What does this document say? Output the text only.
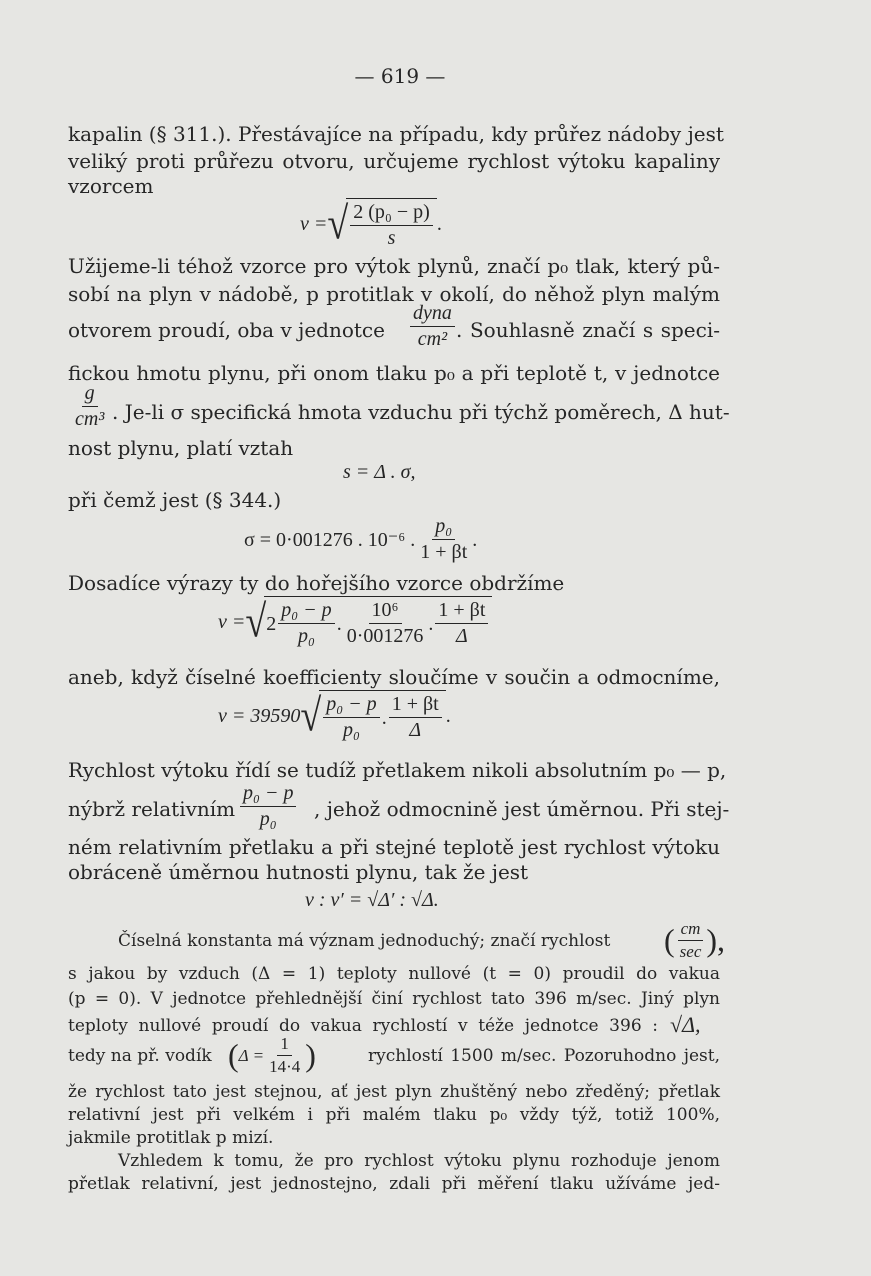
— 619 —
kapalin (§ 311.). Přestávajíce na případu, kdy průřez nádoby jest
veliký proti průřezu otvoru, určujeme rychlost výtoku kapaliny
vzorcem
v = √ $\frac{\text{2 (p₀ − p)}}{s}$ .
Užijeme-li téhož vzorce pro výtok plynů, značí p₀ tlak, který pů-
sobí na plyn v nádobě, p protitlak v okolí, do něhož plyn malým
otvorem proudí, oba v jednotce $\frac{\text{dyna}}{\text{cm²}}$ . Souhlasně značí s speci-
fickou hmotu plynu, při onom tlaku p₀ a při teplotě t, v jednotce
$\frac{g}{\text{cm³}}$ . Je-li σ specifická hmota vzduchu při týchž poměrech, Δ hut-
nost plynu, platí vztah
s = Δ . σ,
při čemž jest (§ 344.)
σ = 0·001276 . 10⁻⁶ . $\frac{\text{p₀}}{1 + \beta t}$ .
Dosadíce výrazy ty do hořejšího vzorce obdržíme
v = √ $2 \frac{\text{p₀ − p}}{\text{p₀}}$ . $\frac{\text{10⁶}}{0\cdot 001276}$ . $\frac{1 + \beta t}{\Delta}$
aneb, když číselné koefficienty sloučíme v součin a odmocníme,
v = 39590 √ $\frac{\text{p₀ − p}}{\text{p₀}}$ . $\frac{1 + \beta t}{\Delta}$ .
Rychlost výtoku řídí se tudíž přetlakem nikoli absolutním p₀ — p,
nýbrž relativním $\frac{\text{p₀ − p}}{\text{p₀}}$ , jehož odmocnině jest úměrnou. Při stej-
ném relativním přetlaku a při stejné teplotě jest rychlost výtoku
obráceně úměrnou hutnosti plynu, tak že jest
v : v′ = √Δ′ : √Δ.
Číselná konstanta má význam jednoduchý; značí rychlost ( $\frac{cm}{\sec}$ ),
s jakou by vzduch (Δ = 1) teploty nullové (t = 0) proudil do vakua
(p = 0). V jednotce přehlednější činí rychlost tato 396 m/sec. Jiný plyn
teploty nullové proudí do vakua rychlostí v téže jednotce 396 : √Δ,
tedy na př. vodík ( $\Delta = \frac{1}{14\cdot 4}$ )	rychlostí 1500 m/sec. Pozoruhodno jest,
že rychlost tato jest stejnou, ať jest plyn zhuštěný nebo zředěný; přetlak
relativní jest při velkém i při malém tlaku p₀ vždy týž, totiž 100%,
jakmile protitlak p mizí.
Vzhledem k tomu, že pro rychlost výtoku plynu rozhoduje jenom
přetlak relativní, jest jednostejno, zdali při měření tlaku užíváme jed-
